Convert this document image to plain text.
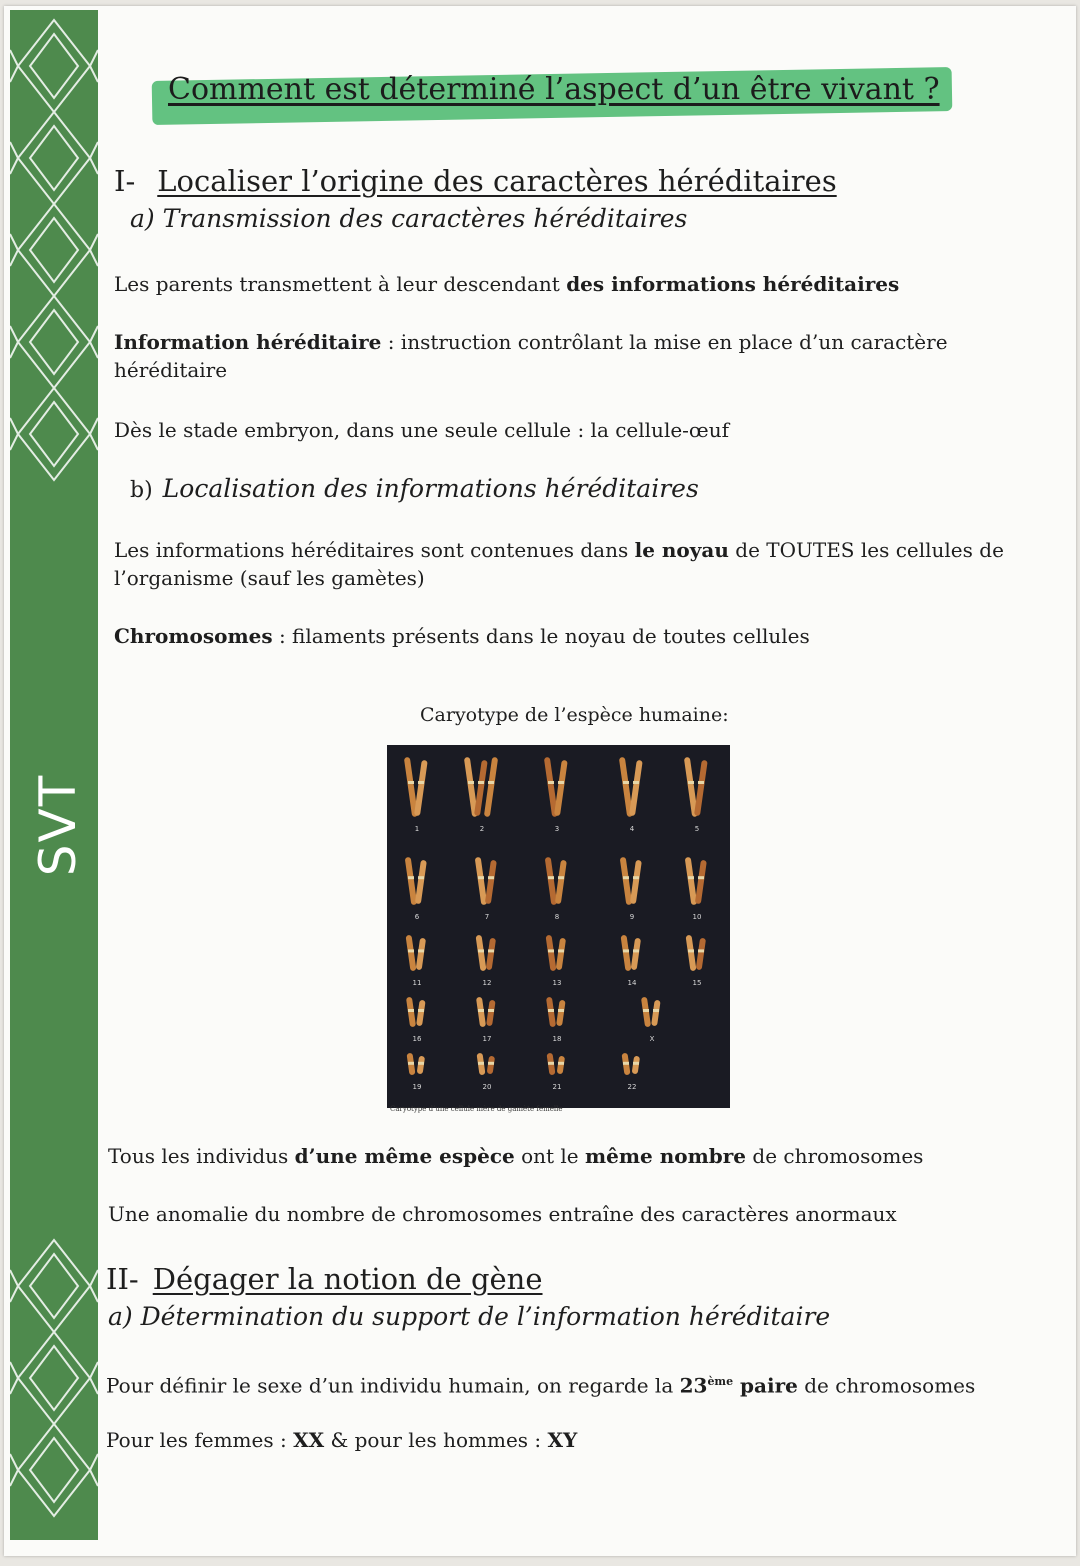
SVT
Comment est déterminé l’aspect d’un être vivant ?
I- Localiser l’origine des caractères héréditaires
a) Transmission des caractères héréditaires
Les parents transmettent à leur descendant des informations héréditaires
Information héréditaire : instruction contrôlant la mise en place d’un caractère
héréditaire
Dès le stade embryon, dans une seule cellule : la cellule-œuf
b) Localisation des informations héréditaires
Les informations héréditaires sont contenues dans le noyau de TOUTES les cellules de
l’organisme (sauf les gamètes)
Chromosomes : filaments présents dans le noyau de toutes cellules
Caryotype de l’espèce humaine:
1	2	3	4	5
6	7	8	9	10
11	12	13	14	15
16	17	18	X
19	20	21	22
Caryotype d’une cellule mère de gamète femelle
Tous les individus d’une même espèce ont le même nombre de chromosomes
Une anomalie du nombre de chromosomes entraîne des caractères anormaux
II- Dégager la notion de gène
a) Détermination du support de l’information héréditaire
Pour définir le sexe d’un individu humain, on regarde la 23ème paire de chromosomes
Pour les femmes : XX & pour les hommes : XY
